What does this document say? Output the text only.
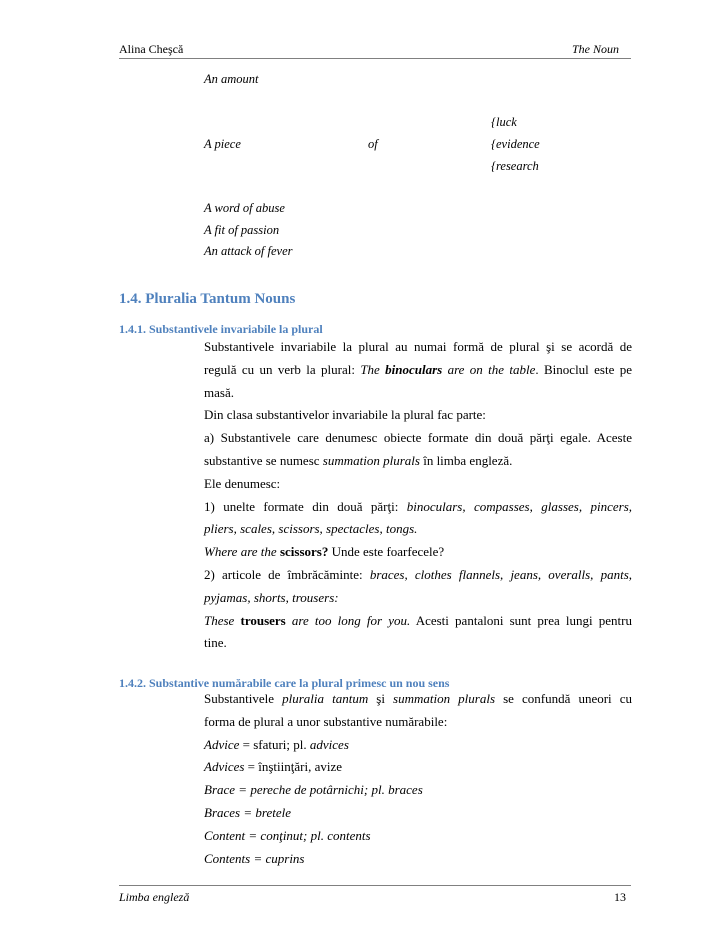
Alina Cheşcă	The Noun
An amount
{luck
A piece	of	{evidence
{research
A word of abuse
A fit of passion
An attack of fever
1.4. Pluralia Tantum Nouns
1.4.1. Substantivele invariabile la plural
Substantivele invariabile la plural au numai formă de plural şi se acordă de
regulă cu un verb la plural: The binoculars are on the table. Binoclul este pe
masă.
Din clasa substantivelor invariabile la plural fac parte:
a) Substantivele care denumesc obiecte formate din două părţi egale. Aceste
substantive se numesc summation plurals în limba engleză.
Ele denumesc:
1) unelte formate din două părţi: binoculars, compasses, glasses, pincers,
pliers, scales, scissors, spectacles, tongs.
Where are the scissors? Unde este foarfecele?
2) articole de îmbrăcăminte: braces, clothes flannels, jeans, overalls, pants,
pyjamas, shorts, trousers:
These trousers are too long for you. Acesti pantaloni sunt prea lungi pentru
tine.
1.4.2. Substantive numărabile care la plural primesc un nou sens
Substantivele pluralia tantum şi summation plurals se confundă uneori cu
forma de plural a unor substantive numărabile:
Advice = sfaturi; pl. advices
Advices = înştiinţări, avize
Brace = pereche de potârnichi; pl. braces
Braces = bretele
Content = conţinut; pl. contents
Contents = cuprins
Limba engleză	13
